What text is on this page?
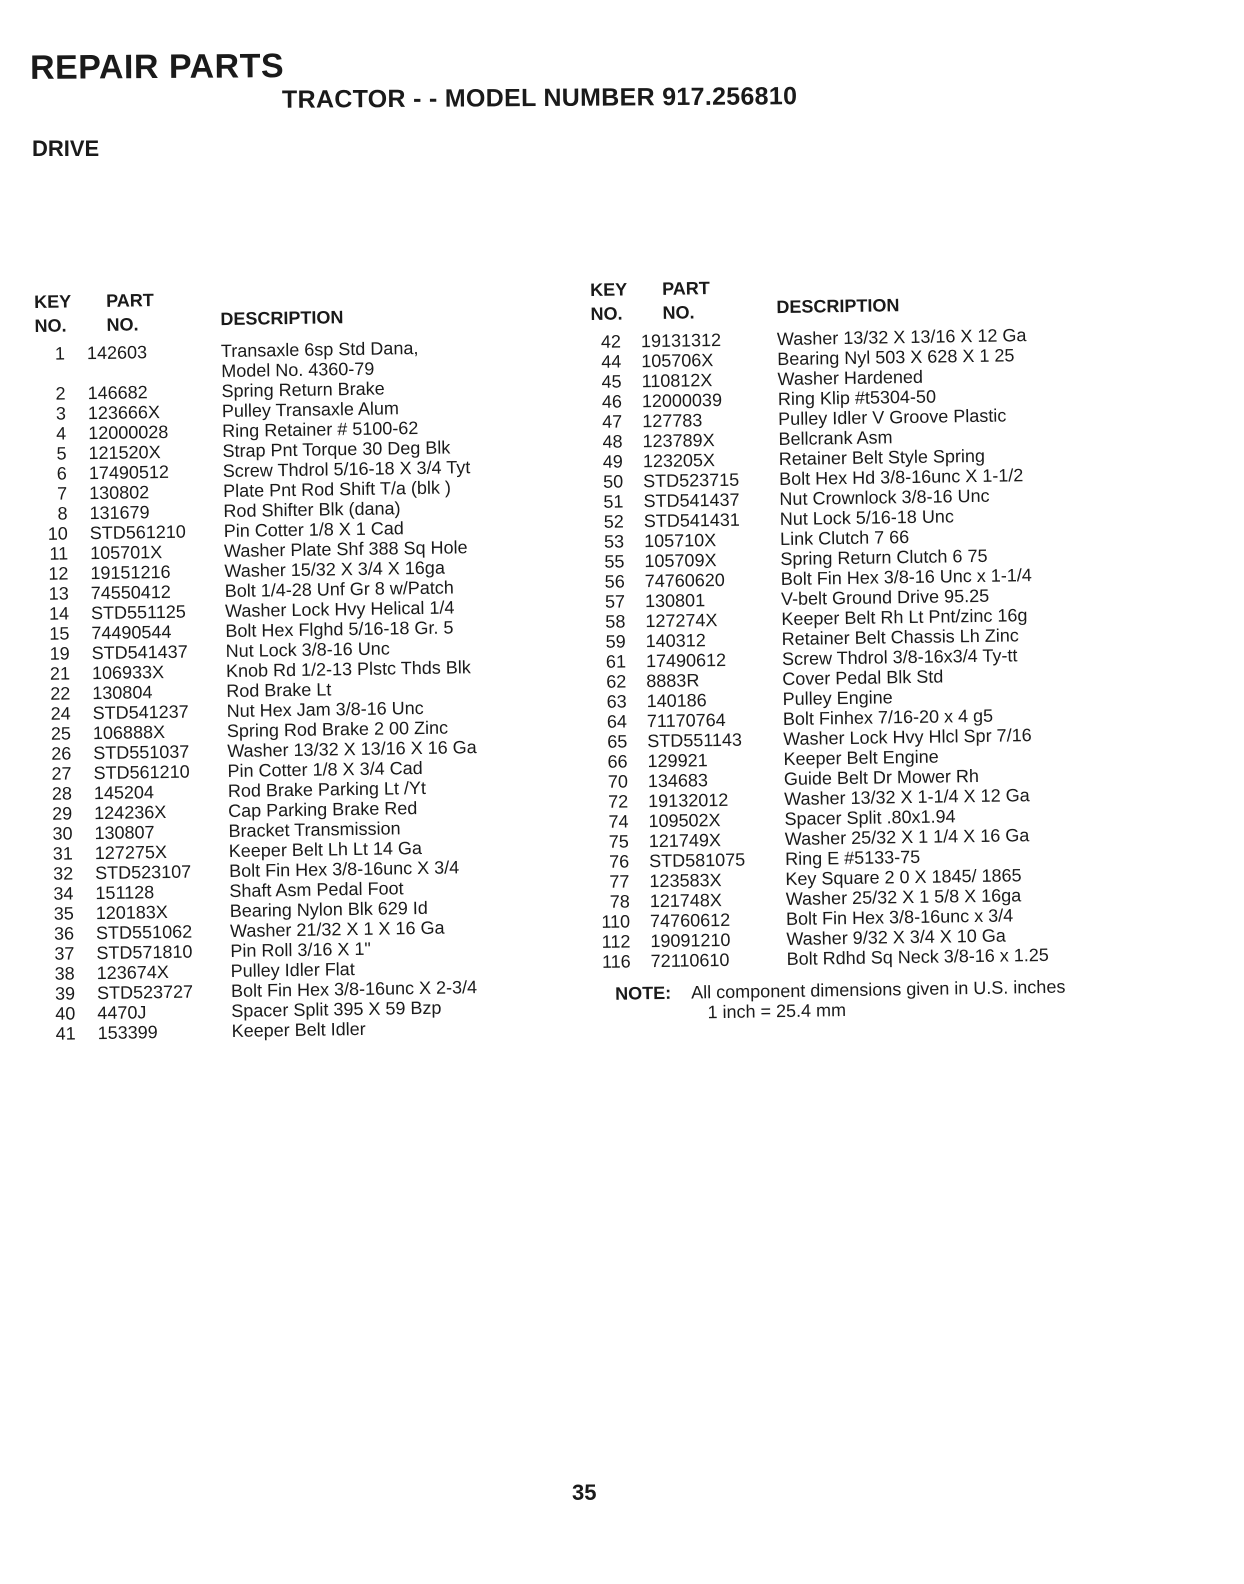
REPAIR PARTS
TRACTOR - - MODEL NUMBER 917.256810
DRIVE
KEY
NO.
PART
NO.	DESCRIPTION
1 142603	Transaxle 6sp Std Dana,
Model No. 4360-79
2 146682	Spring Return Brake
3 123666X	Pulley Transaxle Alum
4 12000028	Ring Retainer # 5100-62
5 121520X	Strap Pnt Torque 30 Deg Blk
6 17490512	Screw Thdrol 5/16-18 X 3/4 Tyt
7 130802	Plate Pnt Rod Shift T/a (blk )
8 131679	Rod Shifter Blk (dana)
10 STD561210 Pin Cotter 1/8 X 1 Cad
11 105701X	Washer Plate Shf 388 Sq Hole
12 19151216	Washer 15/32 X 3/4 X 16ga
13 74550412	Bolt 1/4-28 Unf Gr 8 w/Patch
14 STD551125 Washer Lock Hvy Helical 1/4
15 74490544	Bolt Hex Flghd 5/16-18 Gr. 5
19 STD541437 Nut Lock 3/8-16 Unc
21 106933X	Knob Rd 1/2-13 Plstc Thds Blk
22 130804	Rod Brake Lt
24 STD541237 Nut Hex Jam 3/8-16 Unc
25 106888X	Spring Rod Brake 2 00 Zinc
26 STD551037 Washer 13/32 X 13/16 X 16 Ga
27 STD561210 Pin Cotter 1/8 X 3/4 Cad
28 145204	Rod Brake Parking Lt /Yt
29 124236X	Cap Parking Brake Red
30 130807	Bracket Transmission
31 127275X	Keeper Belt Lh Lt 14 Ga
32 STD523107 Bolt Fin Hex 3/8-16unc X 3/4
34 151128	Shaft Asm Pedal Foot
35 120183X	Bearing Nylon Blk 629 Id
36 STD551062 Washer 21/32 X 1 X 16 Ga
37 STD571810 Pin Roll 3/16 X 1"
38 123674X	Pulley Idler Flat
39 STD523727 Bolt Fin Hex 3/8-16unc X 2-3/4
40 4470J	Spacer Split 395 X 59 Bzp
41 153399	Keeper Belt Idler
KEY
NO.
PART
NO.	DESCRIPTION
42 19131312	Washer 13/32 X 13/16 X 12 Ga
44 105706X	Bearing Nyl 503 X 628 X 1 25
45 110812X	Washer Hardened
46 12000039	Ring Klip #t5304-50
47 127783	Pulley Idler V Groove Plastic
48 123789X	Bellcrank Asm
49 123205X	Retainer Belt Style Spring
50 STD523715 Bolt Hex Hd 3/8-16unc X 1-1/2
51 STD541437 Nut Crownlock 3/8-16 Unc
52 STD541431 Nut Lock 5/16-18 Unc
53 105710X	Link Clutch 7 66
55 105709X	Spring Return Clutch 6 75
56 74760620	Bolt Fin Hex 3/8-16 Unc x 1-1/4
57 130801	V-belt Ground Drive 95.25
58 127274X	Keeper Belt Rh Lt Pnt/zinc 16g
59 140312	Retainer Belt Chassis Lh Zinc
61 17490612	Screw Thdrol 3/8-16x3/4 Ty-tt
62 8883R	Cover Pedal Blk Std
63 140186	Pulley Engine
64 71170764	Bolt Finhex 7/16-20 x 4 g5
65 STD551143 Washer Lock Hvy Hlcl Spr 7/16
66 129921	Keeper Belt Engine
70 134683	Guide Belt Dr Mower Rh
72 19132012	Washer 13/32 X 1-1/4 X 12 Ga
74 109502X	Spacer Split .80x1.94
75 121749X	Washer 25/32 X 1 1/4 X 16 Ga
76 STD581075 Ring E #5133-75
77 123583X	Key Square 2 0 X 1845/ 1865
78 121748X	Washer 25/32 X 1 5/8 X 16ga
110 74760612	Bolt Fin Hex 3/8-16unc x 3/4
112 19091210	Washer 9/32 X 3/4 X 10 Ga
116 72110610	Bolt Rdhd Sq Neck 3/8-16 x 1.25
NOTE: All component dimensions given in U.S. inches
1 inch = 25.4 mm
35
